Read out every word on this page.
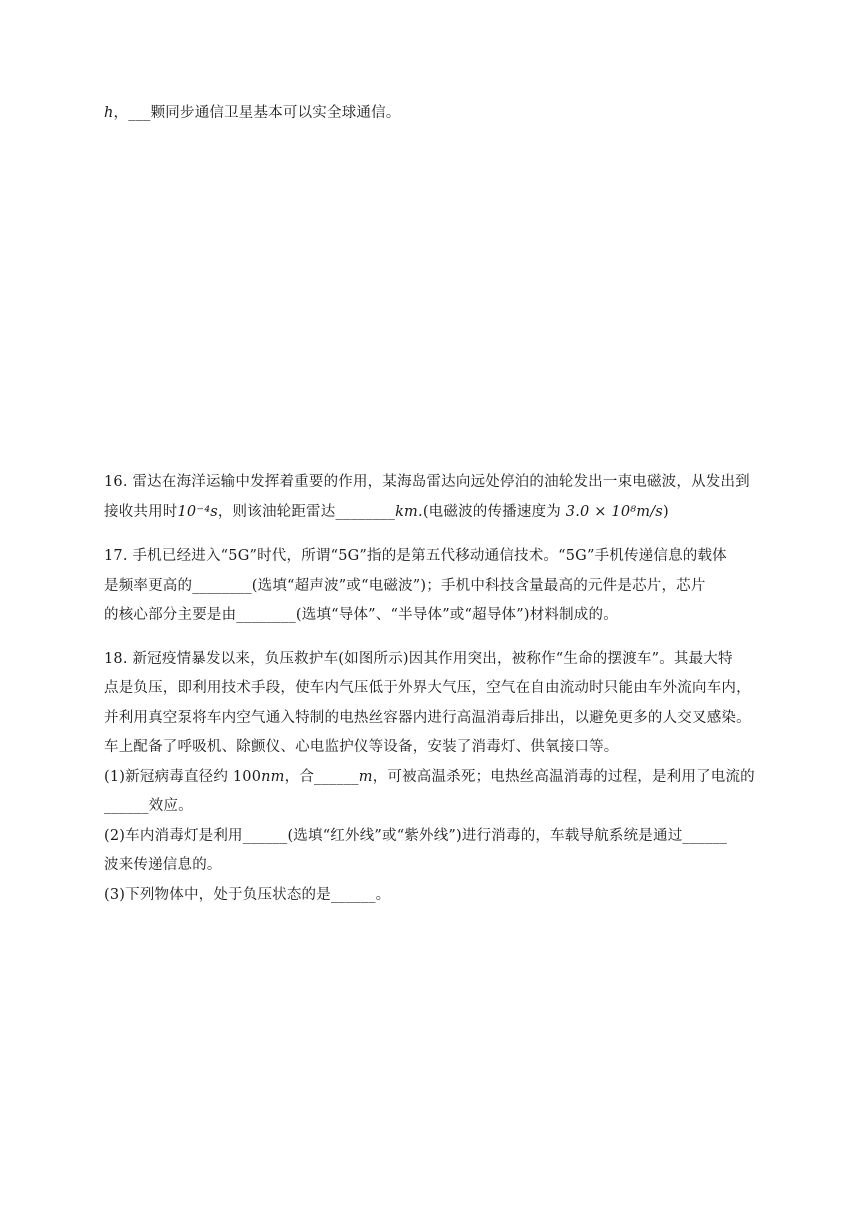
h，___颗同步通信卫星基本可以实全球通信。
16. 雷达在海洋运输中发挥着重要的作用，某海岛雷达向远处停泊的油轮发出一束电磁波，从发出到
接收共用时10⁻⁴s，则该油轮距雷达________km.(电磁波的传播速度为 3.0 × 10⁸m/s)
17. 手机已经进入“5G”时代，所谓“5G”指的是第五代移动通信技术。“5G”手机传递信息的载体
是频率更高的________(选填“超声波”或“电磁波”)；手机中科技含量最高的元件是芯片，芯片
的核心部分主要是由________(选填“导体”、“半导体”或“超导体”)材料制成的。
18. 新冠疫情暴发以来，负压救护车(如图所示)因其作用突出，被称作“生命的摆渡车”。其最大特
点是负压，即利用技术手段，使车内气压低于外界大气压，空气在自由流动时只能由车外流向车内，
并利用真空泵将车内空气通入特制的电热丝容器内进行高温消毒后排出，以避免更多的人交叉感染。
车上配备了呼吸机、除颤仪、心电监护仪等设备，安装了消毒灯、供氧接口等。
(1)新冠病毒直径约 100nm，合______m，可被高温杀死；电热丝高温消毒的过程，是利用了电流的
______效应。
(2)车内消毒灯是利用______(选填“红外线”或“紫外线”)进行消毒的，车载导航系统是通过______
波来传递信息的。
(3)下列物体中，处于负压状态的是______。
